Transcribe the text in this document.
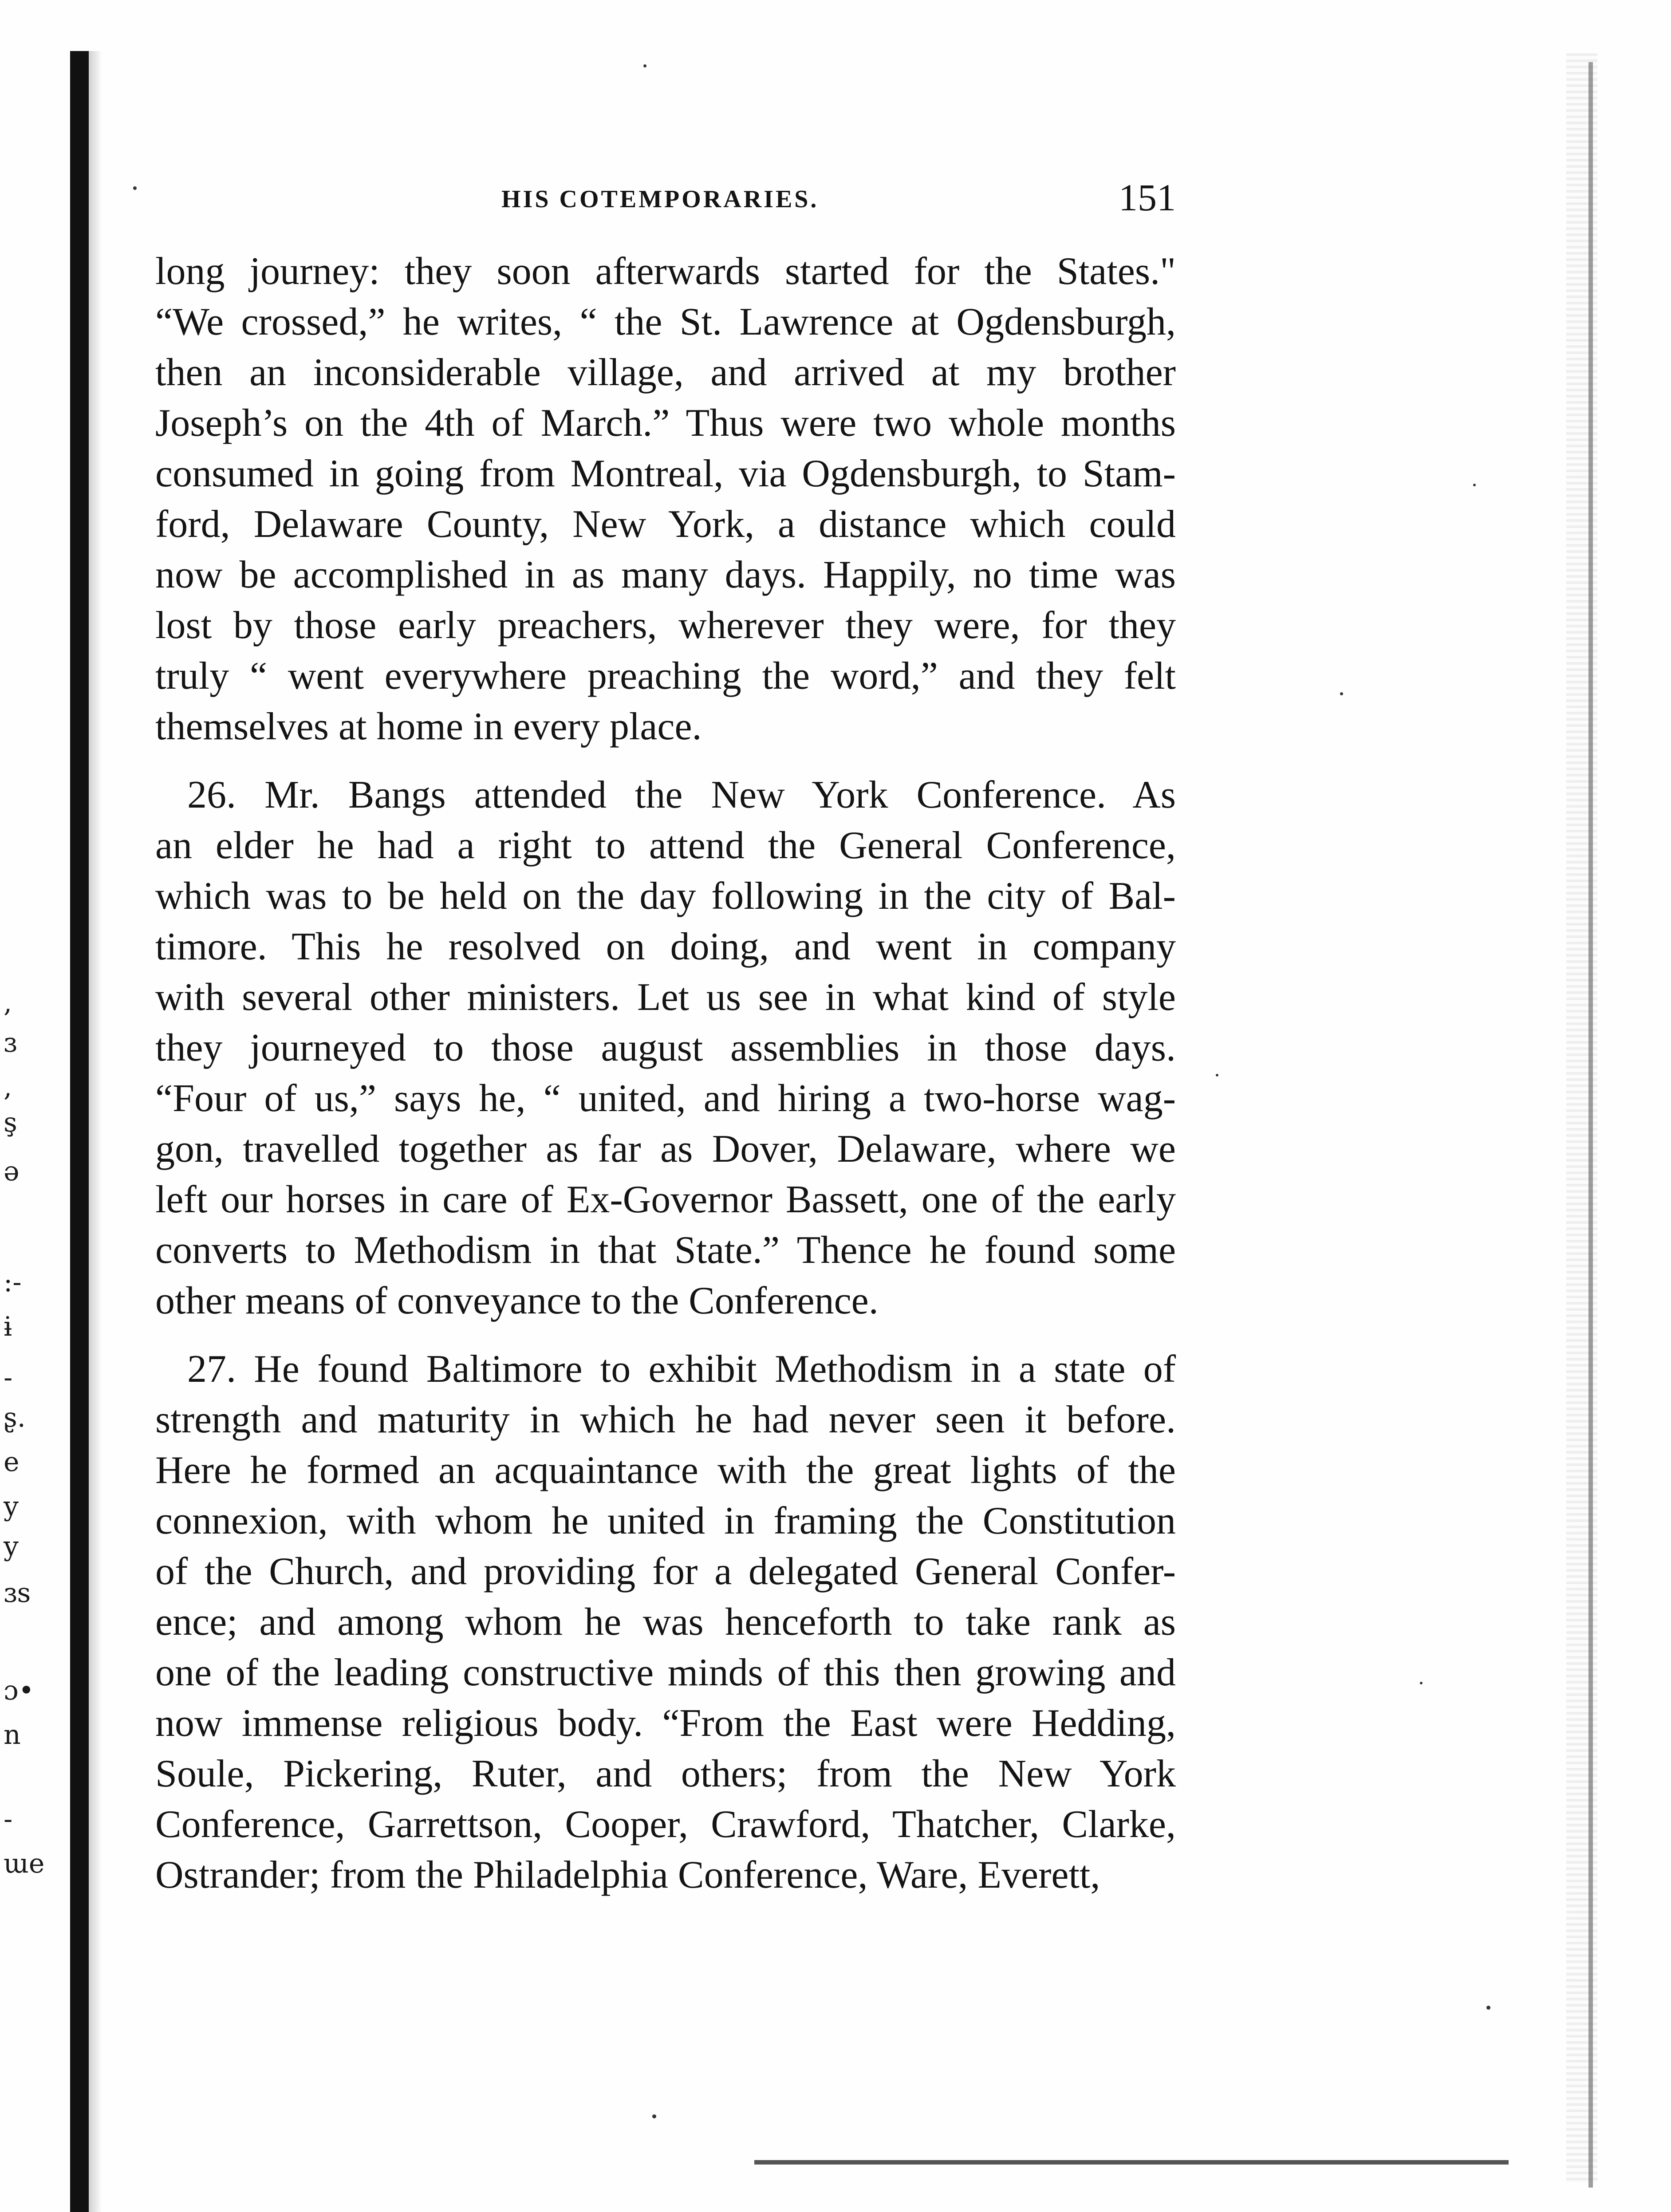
,
ɜ
,
ş
ə
:-
ɨ
-
ʂ.
e
y
y
ɜs
ɔ•
n
-
ɯe
HIS COTEMPORARIES.	151
long journey: they soon afterwards started for the States."
“We crossed,” he writes, “ the St. Lawrence at Ogdensburgh,
then an inconsiderable village, and arrived at my brother
Joseph’s on the 4th of March.” Thus were two whole months
consumed in going from Montreal, via Ogdensburgh, to Stam-
ford, Delaware County, New York, a distance which could
now be accomplished in as many days. Happily, no time was
lost by those early preachers, wherever they were, for they
truly “ went everywhere preaching the word,” and they felt
themselves at home in every place.
26. Mr. Bangs attended the New York Conference. As
an elder he had a right to attend the General Conference,
which was to be held on the day following in the city of Bal-
timore. This he resolved on doing, and went in company
with several other ministers. Let us see in what kind of style
they journeyed to those august assemblies in those days.
“Four of us,” says he, “ united, and hiring a two-horse wag-
gon, travelled together as far as Dover, Delaware, where we
left our horses in care of Ex-Governor Bassett, one of the early
converts to Methodism in that State.” Thence he found some
other means of conveyance to the Conference.
27. He found Baltimore to exhibit Methodism in a state of
strength and maturity in which he had never seen it before.
Here he formed an acquaintance with the great lights of the
connexion, with whom he united in framing the Constitution
of the Church, and providing for a delegated General Confer-
ence; and among whom he was henceforth to take rank as
one of the leading constructive minds of this then growing and
now immense religious body. “From the East were Hedding,
Soule, Pickering, Ruter, and others; from the New York
Conference, Garrettson, Cooper, Crawford, Thatcher, Clarke,
Ostrander; from the Philadelphia Conference, Ware, Everett,
